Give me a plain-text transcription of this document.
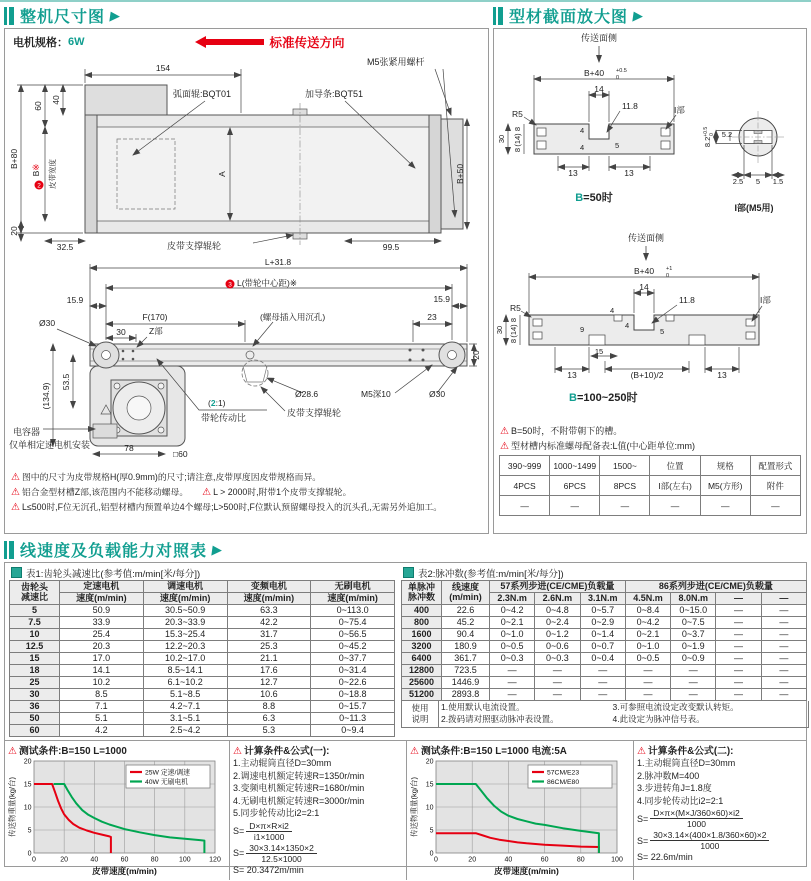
整机尺寸图 ▶
电机规格： 6W	标准传送方向
154
弧面辊:BQT01	加导条:BQT51
M5张紧用螺杆
B+80
60
40
2
B※ 皮带宽度	A
20
32.5	皮带支撑辊轮	99.5
B+50

L+31.8
3 L(带轮中心距)※
15.9	15.9
F(170)
30	Z部
(螺母插入用沉孔)	23
20
Ø30
53.5
(134.9)	(2:1)
带轮传动比
Ø28.6	M5深10	Ø30
皮带支撑辊轮
电容器
仅单相定速电机安装	78
□60
⚠ 图中的尺寸为皮带规格H(厚0.9mm)的尺寸;请注意,皮带厚度因皮带规格而异。
⚠ 铝合金型材槽Z部,该范围内不能移动螺母。 ⚠ L > 2000时,附带1个皮带支撑辊轮。
⚠ L≤500时,F位无沉孔,铝型材槽内预置单边4个螺母;L>500时,F位默认预留螺母投入的沉头孔,无需另外追加工。
型材截面放大图 ▶
传送面侧
B+40 +0.5
0
14
11.8
R5	I部
8
30 (14)
8
4
4	5
13	13
B=50时
$8.2^{+0.5}0$ 5.2
2.5 5 1.5
I部(M5用)
传送面侧
B+40 +1
0
14
11.8
R5
I部
8
30 (14)
8
4
4
9
15
5
13	(B+10)/2	13
B=100~250时
⚠ B=50时，不附带朝下的槽。
⚠ 型材槽内标准螺母配备表:L值(中心距单位:mm)
390~999	1000~1499	1500~	位置	规格	配置形式
4PCS	6PCS	8PCS	I部(左右)	M5(方形)	附件
—	—	—	—	—	—
线速度及负载能力对照表 ▶
表1:齿轮头减速比(参考值:m/min[米/每分])
齿轮头
减速比	定速电机	调速电机	变频电机	无刷电机
	速度(m/min)	速度(m/min)	速度(m/min)	速度(m/min)
5	50.9	30.5~50.9	63.3	0~113.0
7.5	33.9	20.3~33.9	42.2	0~75.4
10	25.4	15.3~25.4	31.7	0~56.5
12.5	20.3	12.2~20.3	25.3	0~45.2
15	17.0	10.2~17.0	21.1	0~37.7
18	14.1	8.5~14.1	17.6	0~31.4
25	10.2	6.1~10.2	12.7	0~22.6
30	8.5	5.1~8.5	10.6	0~18.8
36	7.1	4.2~7.1	8.8	0~15.7
50	5.1	3.1~5.1	6.3	0~11.3
60	4.2	2.5~4.2	5.3	0~9.4
表2:脉冲数(参考值:m/min[米/每分])
单脉冲
脉冲数	线速度
(m/min)	57系列步进(CE/CME)负载量			86系列步进(CE/CME)负载量			
		2.3N.m	2.6N.m	3.1N.m	4.5N.m	8.0N.m	—	—
400	22.6	0~4.2	0~4.8	0~5.7	0~8.4	0~15.0	—	—
800	45.2	0~2.1	0~2.4	0~2.9	0~4.2	0~7.5	—	—
1600	90.4	0~1.0	0~1.2	0~1.4	0~2.1	0~3.7	—	—
3200	180.9	0~0.5	0~0.6	0~0.7	0~1.0	0~1.9	—	—
6400	361.7	0~0.3	0~0.3	0~0.4	0~0.5	0~0.9	—	—
12800	723.5	—	—	—	—	—	—	—
25600	1446.9	—	—	—	—	—	—	—
51200	2893.8	—	—	—	—	—	—	—
使用
说明
1.使用默认电流设置。
2.拨码请对照驱动脉冲表设置。
3.可参照电流设定改变默认转矩。
4.此设定为脉冲信号表。
⚠ 测试条件:B=150 L=1000
0	20	40	60	80	100	120
0
5
10
15
20
25W 定速/调速
40W 无刷电机
皮带速度(m/min)
传送物重量(kg/台)
⚠ 计算条件&公式(一):
1.主动辊筒直径D=30mm
2.调速电机额定转速R=1350r/min
3.变频电机额定转速R=1680r/min
4.无刷电机额定转速R=3000r/min
5.同步轮传动比i2=2:1
$S= \frac{D\times\pi\times R\times i2}{i1\times 1000}$
$S= \frac{30\times 3.14\times 1350\times 2}{12.5\times 1000}$
S= 20.3472m/min
⚠ 测试条件:B=150 L=1000 电流:5A
0	20	40	60	80	100
0
5
10
15
20
57CM/E23
86CM/E80
皮带速度(m/min)
传送物重量(kg/台)
⚠ 计算条件&公式(二):
1.主动辊筒直径D=30mm
2.脉冲数M=400
3.步进转角J=1.8度
4.同步轮传动比i2=2:1
$S= \frac{D\times\pi\times(M\times J/360\times 60)\times i2}{1000}$
$S= \frac{30\times 3.14\times(400\times 1.8/360\times 60)\times 2}{1000}$
S= 22.6m/min
